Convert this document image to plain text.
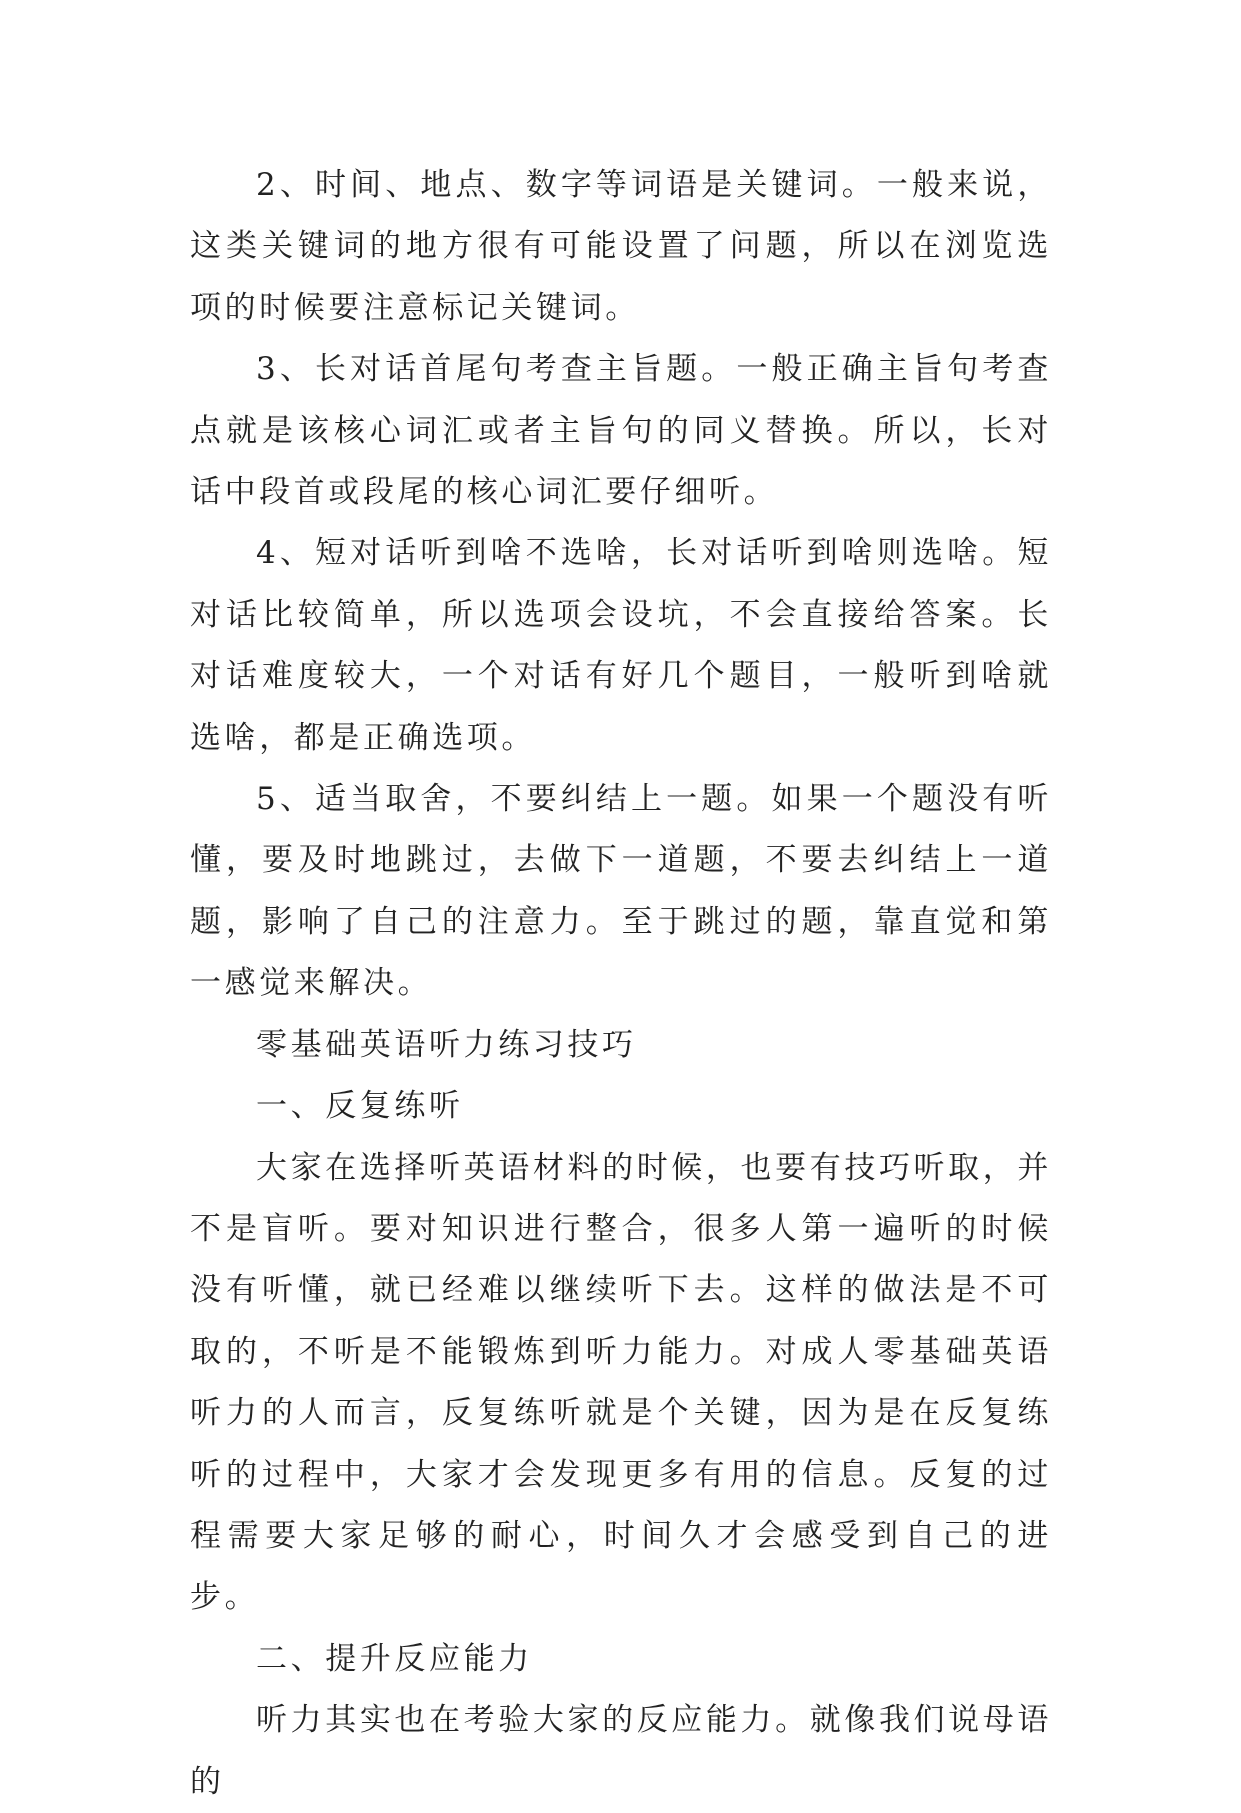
2、时间、地点、数字等词语是关键词。一般来说，这类关键词的地方很有可能设置了问题，所以在浏览选项的时候要注意标记关键词。

3、长对话首尾句考查主旨题。一般正确主旨句考查点就是该核心词汇或者主旨句的同义替换。所以，长对话中段首或段尾的核心词汇要仔细听。

4、短对话听到啥不选啥，长对话听到啥则选啥。短对话比较简单，所以选项会设坑，不会直接给答案。长对话难度较大，一个对话有好几个题目，一般听到啥就选啥，都是正确选项。

5、适当取舍，不要纠结上一题。如果一个题没有听懂，要及时地跳过，去做下一道题，不要去纠结上一道题，影响了自己的注意力。至于跳过的题，靠直觉和第一感觉来解决。

零基础英语听力练习技巧

一、反复练听

大家在选择听英语材料的时候，也要有技巧听取，并不是盲听。要对知识进行整合，很多人第一遍听的时候没有听懂，就已经难以继续听下去。这样的做法是不可取的，不听是不能锻炼到听力能力。对成人零基础英语听力的人而言，反复练听就是个关键，因为是在反复练听的过程中，大家才会发现更多有用的信息。反复的过程需要大家足够的耐心，时间久才会感受到自己的进步。

二、提升反应能力

听力其实也在考验大家的反应能力。就像我们说母语的
